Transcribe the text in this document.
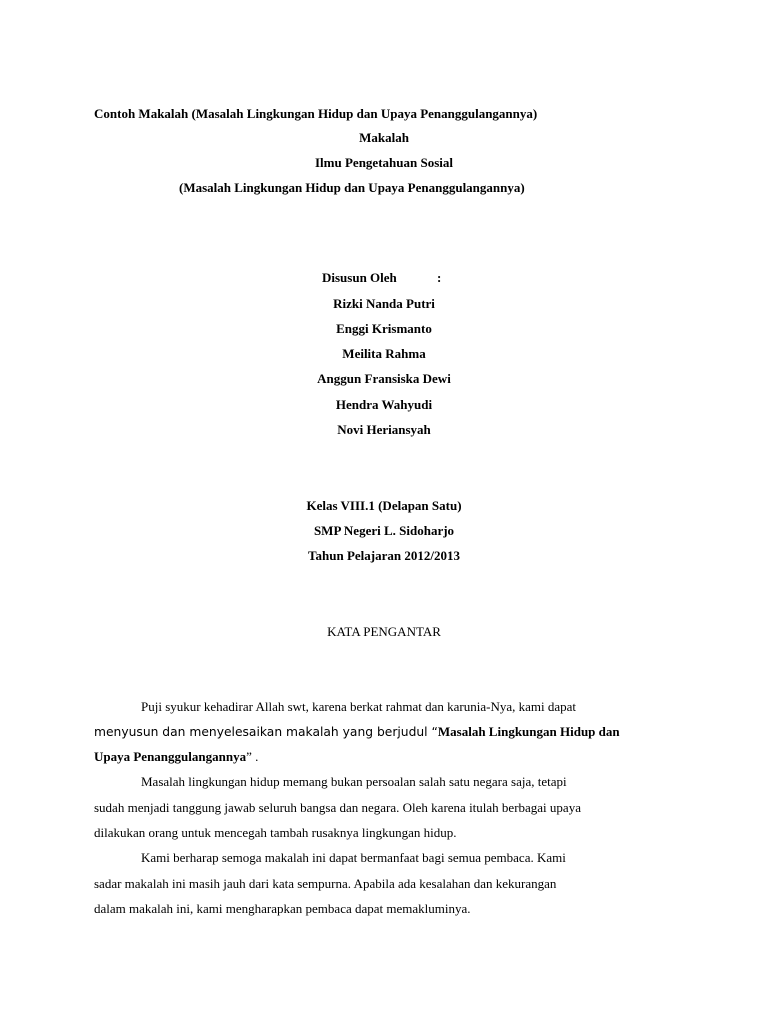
Contoh Makalah (Masalah Lingkungan Hidup dan Upaya Penanggulangannya)
Makalah
Ilmu Pengetahuan Sosial
(Masalah Lingkungan Hidup dan Upaya Penanggulangannya)
Disusun Oleh	:
Rizki Nanda Putri
Enggi Krismanto
Meilita Rahma
Anggun Fransiska Dewi
Hendra Wahyudi
Novi Heriansyah
Kelas VIII.1 (Delapan Satu)
SMP Negeri L. Sidoharjo
Tahun Pelajaran 2012/2013
KATA PENGANTAR
Puji syukur kehadirar Allah swt, karena berkat rahmat dan karunia-Nya, kami dapat
menyusun dan menyelesaikan makalah yang berjudul “Masalah Lingkungan Hidup dan
Upaya Penanggulangannya” .
Masalah lingkungan hidup memang bukan persoalan salah satu negara saja, tetapi
sudah menjadi tanggung jawab seluruh bangsa dan negara. Oleh karena itulah berbagai upaya
dilakukan orang untuk mencegah tambah rusaknya lingkungan hidup.
Kami berharap semoga makalah ini dapat bermanfaat bagi semua pembaca. Kami
sadar makalah ini masih jauh dari kata sempurna. Apabila ada kesalahan dan kekurangan
dalam makalah ini, kami mengharapkan pembaca dapat memakluminya.
